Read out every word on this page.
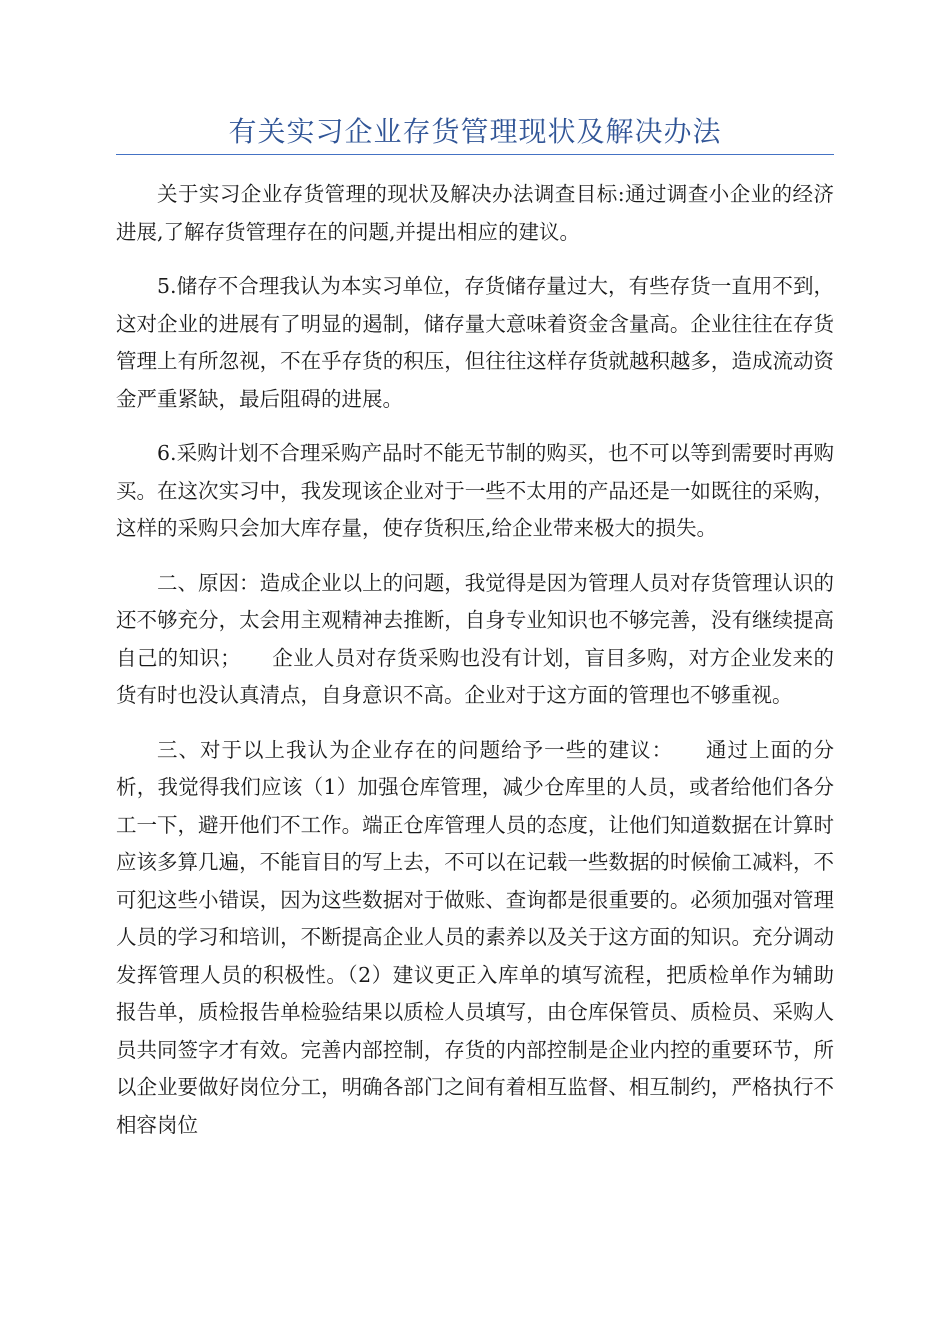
有关实习企业存货管理现状及解决办法

关于实习企业存货管理的现状及解决办法调查目标:通过调查小企业的经济进展,了解存货管理存在的问题,并提出相应的建议。

5.储存不合理我认为本实习单位，存货储存量过大，有些存货一直用不到，这对企业的进展有了明显的遏制，储存量大意味着资金含量高。企业往往在存货管理上有所忽视，不在乎存货的积压，但往往这样存货就越积越多，造成流动资金严重紧缺，最后阻碍的进展。

6.采购计划不合理采购产品时不能无节制的购买，也不可以等到需要时再购买。在这次实习中，我发现该企业对于一些不太用的产品还是一如既往的采购，这样的采购只会加大库存量，使存货积压,给企业带来极大的损失。

二、原因：造成企业以上的问题，我觉得是因为管理人员对存货管理认识的还不够充分，太会用主观精神去推断，自身专业知识也不够完善，没有继续提高自己的知识；　　企业人员对存货采购也没有计划，盲目多购，对方企业发来的货有时也没认真清点，自身意识不高。企业对于这方面的管理也不够重视。

三、对于以上我认为企业存在的问题给予一些的建议：　　通过上面的分析，我觉得我们应该（1）加强仓库管理，减少仓库里的人员，或者给他们各分工一下，避开他们不工作。端正仓库管理人员的态度，让他们知道数据在计算时应该多算几遍，不能盲目的写上去，不可以在记载一些数据的时候偷工减料，不可犯这些小错误，因为这些数据对于做账、查询都是很重要的。必须加强对管理人员的学习和培训，不断提高企业人员的素养以及关于这方面的知识。充分调动发挥管理人员的积极性。（2）建议更正入库单的填写流程，把质检单作为辅助报告单，质检报告单检验结果以质检人员填写，由仓库保管员、质检员、采购人员共同签字才有效。完善内部控制，存货的内部控制是企业内控的重要环节，所以企业要做好岗位分工，明确各部门之间有着相互监督、相互制约，严格执行不相容岗位
